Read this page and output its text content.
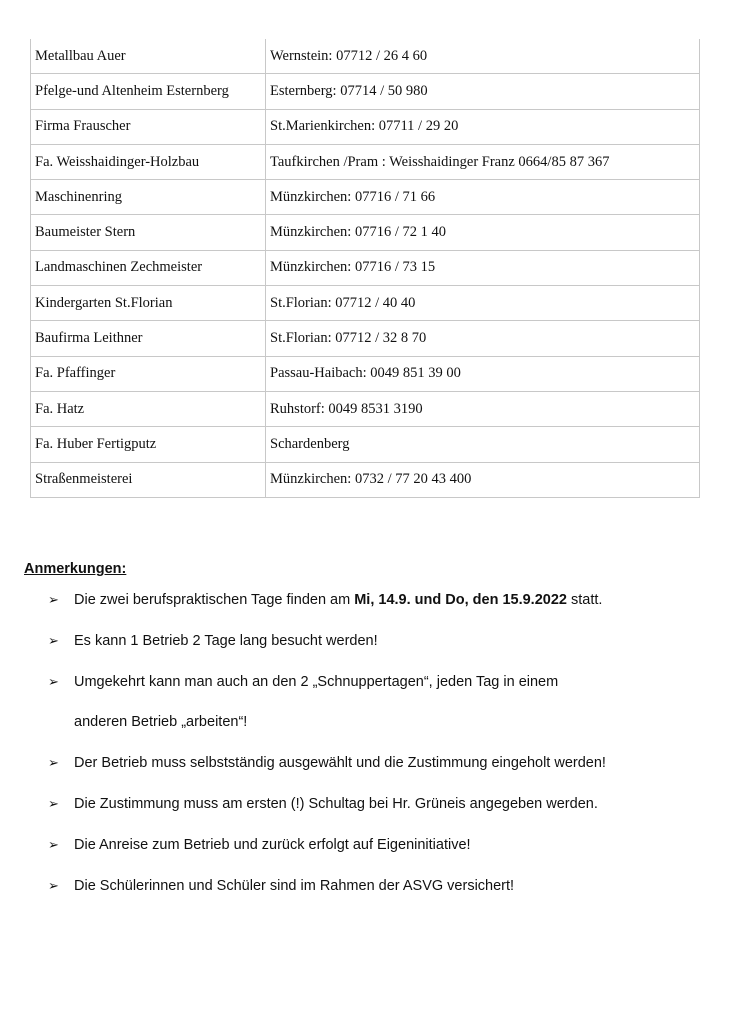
Metallbau Auer	Wernstein: 07712 / 26 4 60
Pfelge-und Altenheim Esternberg	Esternberg: 07714 / 50 980
Firma Frauscher	St.Marienkirchen: 07711 / 29 20
Fa. Weisshaidinger-Holzbau	Taufkirchen /Pram : Weisshaidinger Franz 0664/85 87 367
Maschinenring	Münzkirchen: 07716 / 71 66
Baumeister Stern	Münzkirchen: 07716 / 72 1 40
Landmaschinen Zechmeister	Münzkirchen: 07716 / 73 15
Kindergarten St.Florian	St.Florian: 07712 / 40 40
Baufirma Leithner	St.Florian: 07712 / 32 8 70
Fa. Pfaffinger	Passau-Haibach: 0049 851 39 00
Fa. Hatz	Ruhstorf: 0049 8531 3190
Fa. Huber Fertigputz	Schardenberg
Straßenmeisterei	Münzkirchen: 0732 / 77 20 43 400
Anmerkungen:
➢ Die zwei berufspraktischen Tage finden am Mi, 14.9. und Do, den 15.9.2022 statt.
➢ Es kann 1 Betrieb 2 Tage lang besucht werden!
➢ Umgekehrt kann man auch an den 2 „Schnuppertagen“, jeden Tag in einem
anderen Betrieb „arbeiten“!
➢ Der Betrieb muss selbstständig ausgewählt und die Zustimmung eingeholt werden!
➢ Die Zustimmung muss am ersten (!) Schultag bei Hr. Grüneis angegeben werden.
➢ Die Anreise zum Betrieb und zurück erfolgt auf Eigeninitiative!
➢ Die Schülerinnen und Schüler sind im Rahmen der ASVG versichert!
